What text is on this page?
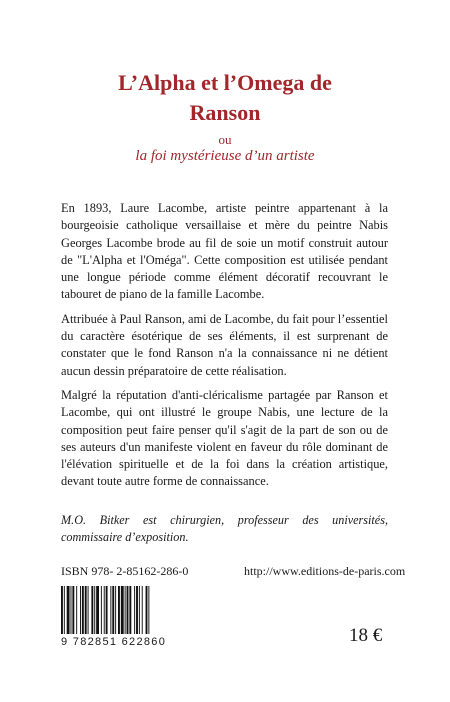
L’Alpha et l’Omega de
Ranson
ou
la foi mystérieuse d’un artiste

En 1893, Laure Lacombe, artiste peintre appartenant à la bourgeoisie catholique versaillaise et mère du peintre Nabis Georges Lacombe brode au fil de soie un motif construit autour de "L'Alpha et l'Oméga". Cette composition est utilisée pendant une longue période comme élément décoratif recouvrant le tabouret de piano de la famille Lacombe.

Attribuée à Paul Ranson, ami de Lacombe, du fait pour l’essentiel du caractère ésotérique de ses éléments, il est surprenant de constater que le fond Ranson n'a la connaissance ni ne détient aucun dessin préparatoire de cette réalisation.

Malgré la réputation d'anti-cléricalisme partagée par Ranson et Lacombe, qui ont illustré le groupe Nabis, une lecture de la composition peut faire penser qu'il s'agit de la part de son ou de ses auteurs d'un manifeste violent en faveur du rôle dominant de l'élévation spirituelle et de la foi dans la création artistique, devant toute autre forme de connaissance.

M.O. Bitker est chirurgien, professeur des universités, commissaire d’exposition.
ISBN 978- 2-85162-286-0	http://www.editions-de-paris.com
9 782851 622860	18 €
